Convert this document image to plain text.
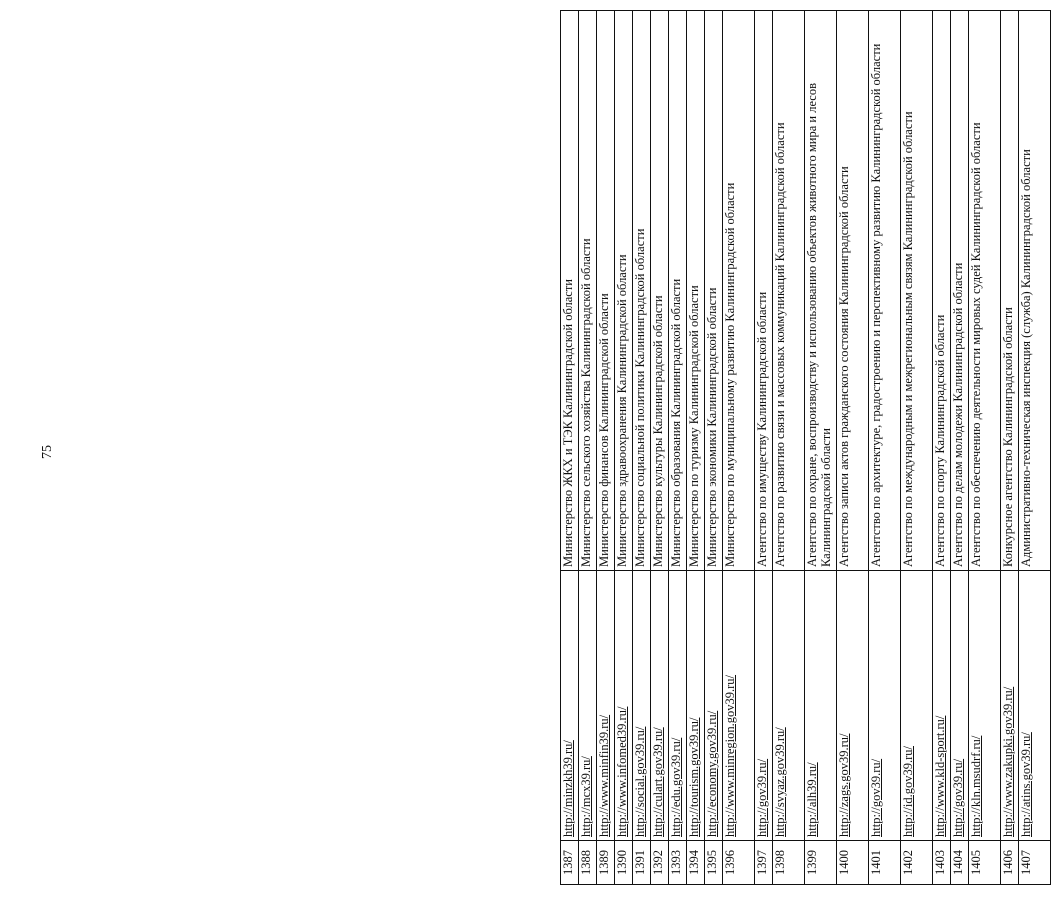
75
1387	http://minzkh39.ru/	Министерство ЖКХ и ТЭК Калининградской области
1388	http://mcx39.ru/	Министерство сельского хозяйства Калининградской области
1389	http://www.minfin39.ru/	Министерство финансов Калининградской области
1390	http://www.infomed39.ru/	Министерство здравоохранения Калининградской области
1391	http://social.gov39.ru/	Министерство социальной политики Калининградской области
1392	http://culart.gov39.ru/	Министерство культуры Калининградской области
1393	http://edu.gov39.ru/	Министерство образования Калининградской области
1394	http://tourism.gov39.ru/	Министерство по туризму Калининградской области
1395	http://economy.gov39.ru/	Министерство экономики Калининградской области
1396	http://www.minregion.gov39.ru/	Министерство по муниципальному развитию Калининградской области
1397	http://gov39.ru/	Агентство по имуществу Калининградской области
1398	http://svyaz.gov39.ru/	Агентство по развитию связи и массовых коммуникаций Калининградской области
1399	http://alh39.ru/	Агентство по охране, воспроизводству и использованию объектов животного мира и лесов Калининградской области
1400	http://zags.gov39.ru/	Агентство записи актов гражданского состояния Калининградской области
1401	http://gov39.ru/	Агентство по архитектуре, градостроению и перспективному развитию Калининградской области
1402	http://id.gov39.ru/	Агентство по международным и межрегиональным связям Калининградской области
1403	http://www.kld-sport.ru/	Агентство по спорту Калининградской области
1404	http://gov39.ru/	Агентство по делам молодежи Калининградской области
1405	http://kln.msudrf.ru/	Агентство по обеспечению деятельности мировых судей Калининградской области
1406	http://www.zakupki.gov39.ru/	Конкурсное агентство Калининградской области
1407	http://atins.gov39.ru/	Административно-техническая инспекция (служба) Калининградской области
